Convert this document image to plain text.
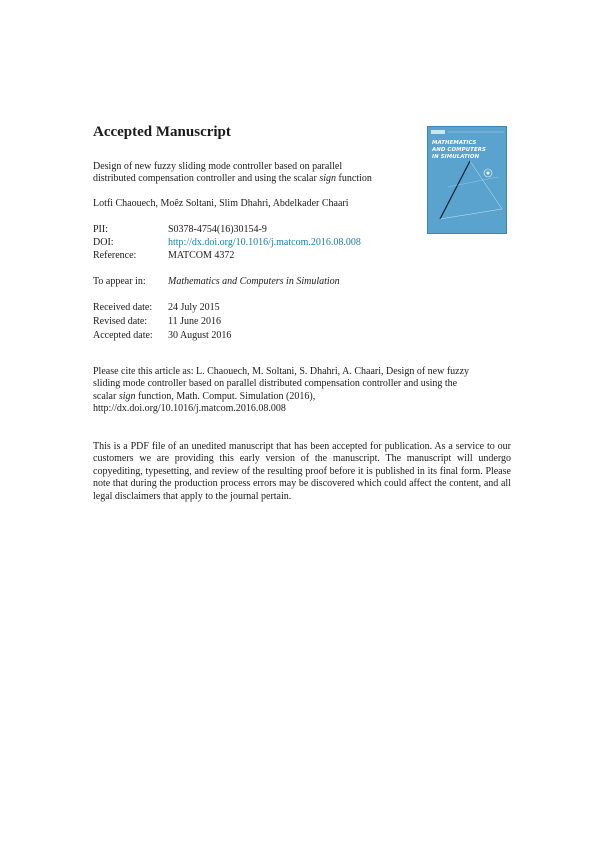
Accepted Manuscript
Design of new fuzzy sliding mode controller based on parallel
distributed compensation controller and using the scalar sign function
Lotfi Chaouech, Moêz Soltani, Slim Dhahri, Abdelkader Chaari
PII:	S0378-4754(16)30154-9
DOI:	http://dx.doi.org/10.1016/j.matcom.2016.08.008
Reference:	MATCOM 4372
To appear in: Mathematics and Computers in Simulation
Received date: 24 July 2015
Revised date: 11 June 2016
Accepted date: 30 August 2016
Please cite this article as: L. Chaouech, M. Soltani, S. Dhahri, A. Chaari, Design of new fuzzy
sliding mode controller based on parallel distributed compensation controller and using the
scalar sign function, Math. Comput. Simulation (2016),
http://dx.doi.org/10.1016/j.matcom.2016.08.008
This is a PDF file of an unedited manuscript that has been accepted for publication. As a service to our customers we are providing this early version of the manuscript. The manuscript will undergo copyediting, typesetting, and review of the resulting proof before it is published in its final form. Please note that during the production process errors may be discovered which could affect the content, and all legal disclaimers that apply to the journal pertain.
MATHEMATICS
AND COMPUTERS
IN SIMULATION
